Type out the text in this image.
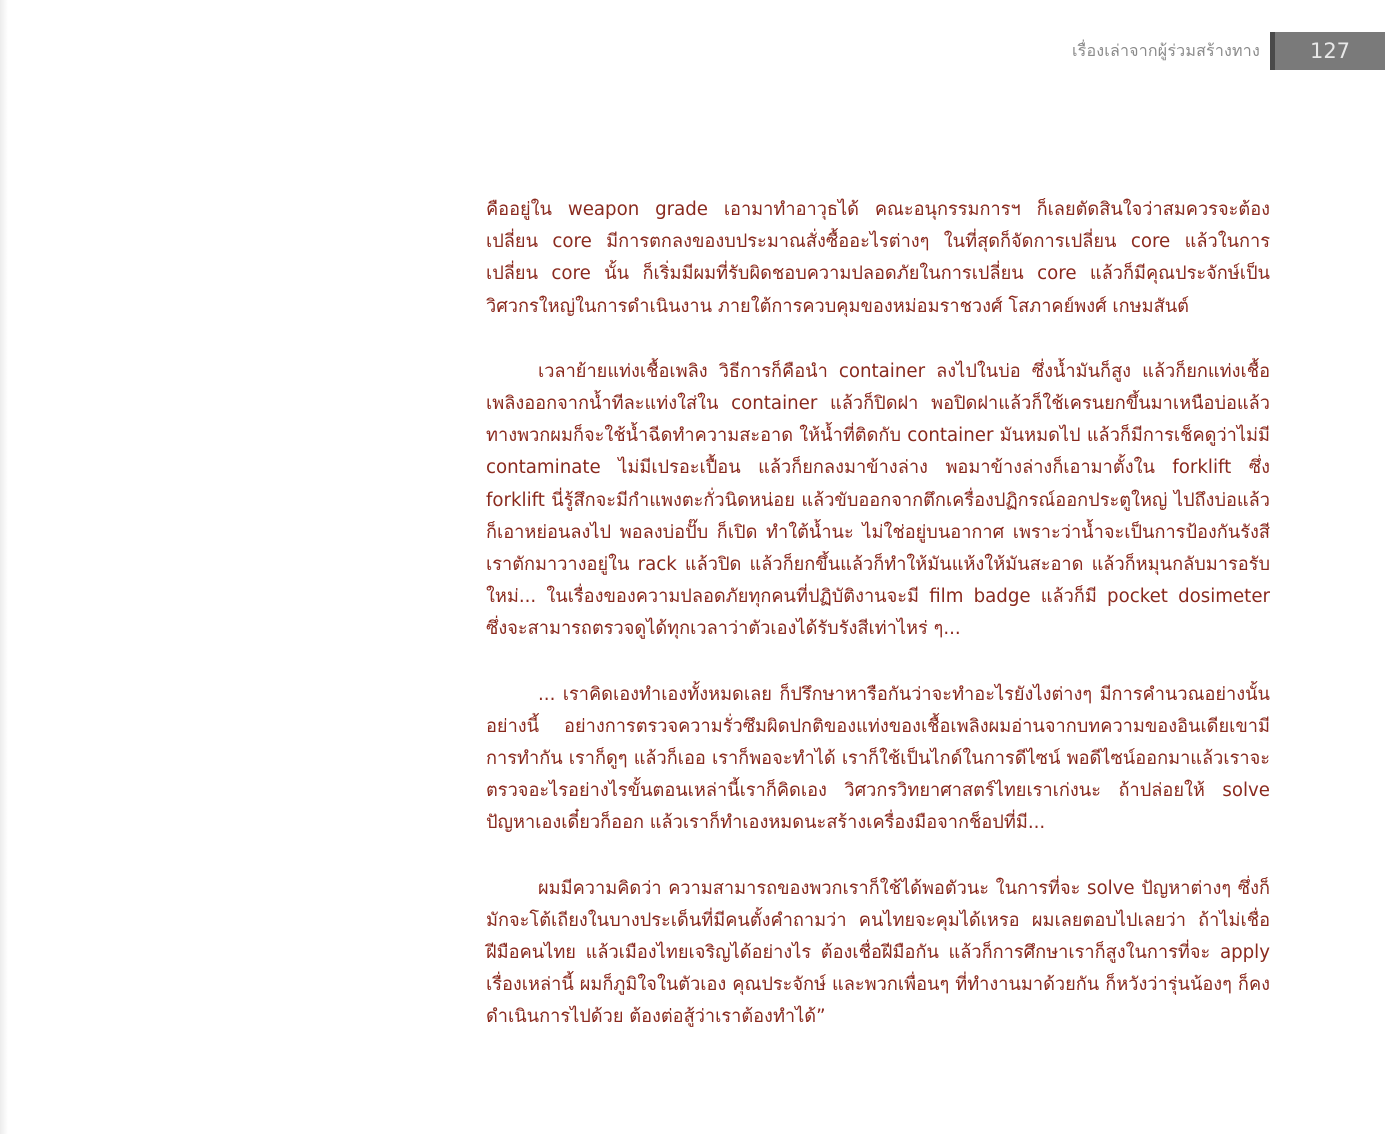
เรื่องเล่าจากผู้ร่วมสร้างทาง	127

คืออยู่ใน weapon grade เอามาทำอาวุธได้ คณะอนุกรรมการฯ ก็เลยตัดสินใจว่าสมควรจะต้องเปลี่ยน core มีการตกลงของบประมาณสั่งซื้ออะไรต่างๆ ในที่สุดก็จัดการเปลี่ยน core แล้วในการเปลี่ยน core นั้น ก็เริ่มมีผมที่รับผิดชอบความปลอดภัยในการเปลี่ยน core แล้วก็มีคุณประจักษ์เป็นวิศวกรใหญ่ในการดำเนินงาน ภายใต้การควบคุมของหม่อมราชวงศ์ โสภาคย์พงศ์ เกษมสันต์

เวลาย้ายแท่งเชื้อเพลิง วิธีการก็คือนำ container ลงไปในบ่อ ซึ่งน้ำมันก็สูง แล้วก็ยกแท่งเชื้อเพลิงออกจากน้ำทีละแท่งใส่ใน container แล้วก็ปิดฝา พอปิดฝาแล้วก็ใช้เครนยกขึ้นมาเหนือบ่อแล้วทางพวกผมก็จะใช้น้ำฉีดทำความสะอาด ให้น้ำที่ติดกับ container มันหมดไป แล้วก็มีการเช็คดูว่าไม่มี contaminate ไม่มีเปรอะเปื้อน แล้วก็ยกลงมาข้างล่าง พอมาข้างล่างก็เอามาตั้งใน forklift ซึ่ง forklift นี่รู้สึกจะมีกำแพงตะกั่วนิดหน่อย แล้วขับออกจากตึกเครื่องปฏิกรณ์ออกประตูใหญ่ ไปถึงบ่อแล้วก็เอาหย่อนลงไป พอลงบ่อปั๊บ ก็เปิด ทำใต้น้ำนะ ไม่ใช่อยู่บนอากาศ เพราะว่าน้ำจะเป็นการป้องกันรังสี เราตักมาวางอยู่ใน rack แล้วปิด แล้วก็ยกขึ้นแล้วก็ทำให้มันแห้งให้มันสะอาด แล้วก็หมุนกลับมารอรับใหม่... ในเรื่องของความปลอดภัยทุกคนที่ปฏิบัติงานจะมี film badge แล้วก็มี pocket dosimeter ซึ่งจะสามารถตรวจดูได้ทุกเวลาว่าตัวเองได้รับรังสีเท่าไหร่ ๆ...

... เราคิดเองทำเองทั้งหมดเลย ก็ปรึกษาหารือกันว่าจะทำอะไรยังไงต่างๆ มีการคำนวณอย่างนั้นอย่างนี้ อย่างการตรวจความรั่วซึมผิดปกติของแท่งของเชื้อเพลิงผมอ่านจากบทความของอินเดียเขามีการทำกัน เราก็ดูๆ แล้วก็เออ เราก็พอจะทำได้ เราก็ใช้เป็นไกด์ในการดีไซน์ พอดีไซน์ออกมาแล้วเราจะตรวจอะไรอย่างไรขั้นตอนเหล่านี้เราก็คิดเอง วิศวกรวิทยาศาสตร์ไทยเราเก่งนะ ถ้าปล่อยให้ solve ปัญหาเองเดี๋ยวก็ออก แล้วเราก็ทำเองหมดนะสร้างเครื่องมือจากช็อปที่มี...

ผมมีความคิดว่า ความสามารถของพวกเราก็ใช้ได้พอตัวนะ ในการที่จะ solve ปัญหาต่างๆ ซึ่งก็มักจะโต้เถียงในบางประเด็นที่มีคนตั้งคำถามว่า คนไทยจะคุมได้เหรอ ผมเลยตอบไปเลยว่า ถ้าไม่เชื่อฝีมือคนไทย แล้วเมืองไทยเจริญได้อย่างไร ต้องเชื่อฝีมือกัน แล้วก็การศึกษาเราก็สูงในการที่จะ apply เรื่องเหล่านี้ ผมก็ภูมิใจในตัวเอง คุณประจักษ์ และพวกเพื่อนๆ ที่ทำงานมาด้วยกัน ก็หวังว่ารุ่นน้องๆ ก็คงดำเนินการไปด้วย ต้องต่อสู้ว่าเราต้องทำได้”
